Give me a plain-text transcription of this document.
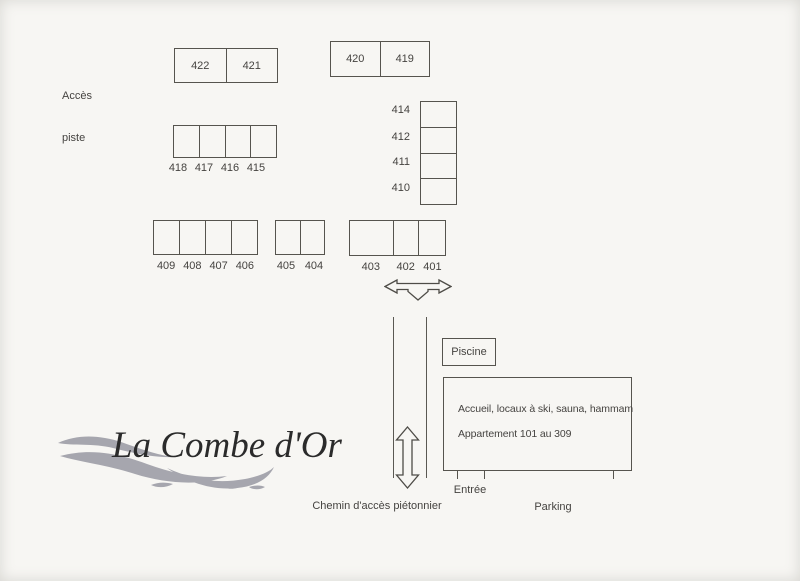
Accès

piste

422	421
420	419
418 417 416 415
414
412
411
410
409 408 407 406	405 404	403	402 401
Piscine
Accueil, locaux à ski, sauna, hammam
Appartement 101 au 309
Entrée
Chemin d'accès piétonnier	Parking
La Combe d'Or
